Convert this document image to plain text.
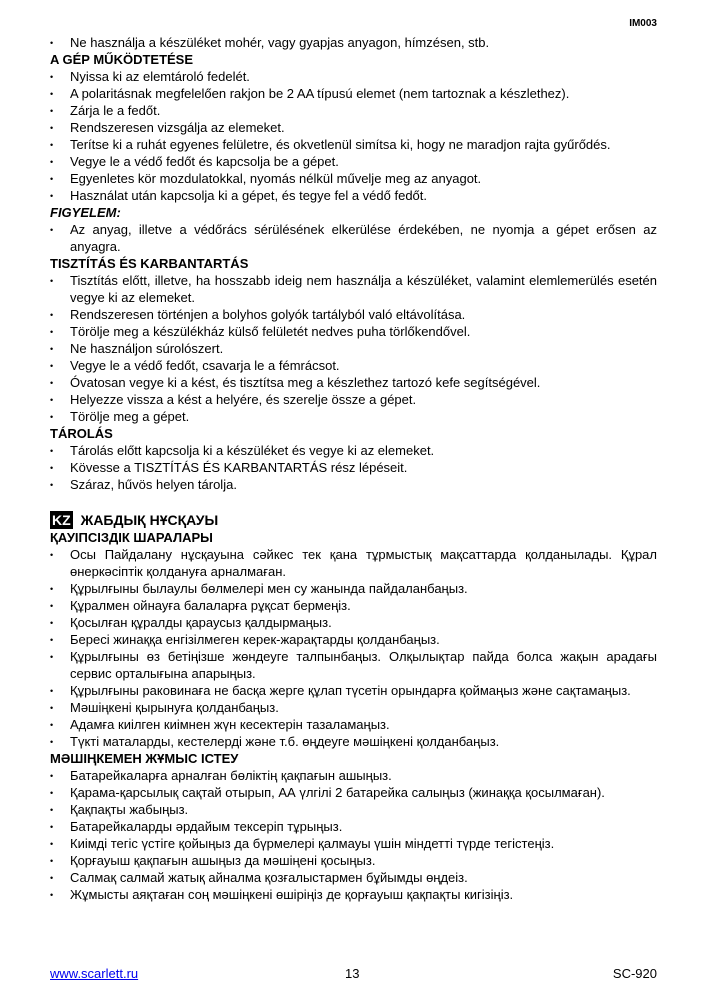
IM003
• Ne használja a készüléket mohér, vagy gyapjas anyagon, hímzésen, stb.
A GÉP MŰKÖDTETÉSE
• Nyissa ki az elemtároló fedelét.
• A polaritásnak megfelelően rakjon be 2 AA típusú elemet (nem tartoznak a készlethez).
• Zárja le a fedőt.
• Rendszeresen vizsgálja az elemeket.
• Terítse ki a ruhát egyenes felületre, és okvetlenül simítsa ki, hogy ne maradjon rajta gyűrődés.
• Vegye le a védő fedőt és kapcsolja be a gépet.
• Egyenletes kör mozdulatokkal, nyomás nélkül művelje meg az anyagot.
• Használat után kapcsolja ki a gépet, és tegye fel a védő fedőt.
FIGYELEM:
• Az anyag, illetve a védőrács sérülésének elkerülése érdekében, ne nyomja a gépet erősen az anyagra.
TISZTÍTÁS ÉS KARBANTARTÁS
• Tisztítás előtt, illetve, ha hosszabb ideig nem használja a készüléket, valamint elemlemerülés esetén vegye ki az elemeket.
• Rendszeresen történjen a bolyhos golyók tartályból való eltávolítása.
• Törölje meg a készülékház külső felületét nedves puha törlőkendővel.
• Ne használjon súrolószert.
• Vegye le a védő fedőt, csavarja le a fémrácsot.
• Óvatosan vegye ki a kést, és tisztítsa meg a készlethez tartozó kefe segítségével.
• Helyezze vissza a kést a helyére, és szerelje össze a gépet.
• Törölje meg a gépet.
TÁROLÁS
• Tárolás előtt kapcsolja ki a készüléket és vegye ki az elemeket.
• Kövesse a TISZTÍTÁS ÉS KARBANTARTÁS rész lépéseit.
• Száraz, hűvös helyen tárolja.
KZ ЖАБДЫҚ НҰСҚАУЫ
ҚАУІПСІЗДІК ШАРАЛАРЫ
• Осы Пайдалану нұсқауына сәйкес тек қана тұрмыстық мақсаттарда қолданылады. Құрал өнеркәсіптік қолдануға арналмаған.
• Құрылғыны былаулы бөлмелері мен су жанында пайдаланбаңыз.
• Құралмен ойнауға балаларға рұқсат бермеңіз.
• Қосылған құралды қараусыз қалдырмаңыз.
• Бересі жинаққа енгізілмеген керек-жарақтарды қолданбаңыз.
• Құрылғыны өз бетіңізше жөндеуге талпынбаңыз. Олқылықтар пайда болса жақын арадағы сервис орталығына апарыңыз.
• Құрылғыны раковинаға не басқа жерге құлап түсетін орындарға қоймаңыз және сақтамаңыз.
• Мәшіңкені қырынуға қолданбаңыз.
• Адамға киілген киімнен жүн кесектерін тазаламаңыз.
• Түкті маталарды, кестелерді және т.б. өңдеуге мәшіңкені қолданбаңыз.
МӘШІҢКЕМЕН ЖҰМЫС ІСТЕУ
• Батарейкаларға арналған бөліктің қақпағын ашыңыз.
• Қарама-қарсылық сақтай отырып, АА үлгілі 2 батарейка салыңыз (жинаққа қосылмаған).
• Қақпақты жабыңыз.
• Батарейкаларды әрдайым тексеріп тұрыңыз.
• Киімді тегіс үстіге қойыңыз да бүрмелері қалмауы үшін міндетті түрде тегістеңіз.
• Қорғауыш қақпағын ашыңыз да мәшіңені қосыңыз.
• Салмақ салмай жатық айналма қозғалыстармен бұйымды өңдеіз.
• Жұмысты аяқтаған соң мәшіңкені өшіріңіз де қорғауыш қақпақты кигізіңіз.
www.scarlett.ru	13	SC-920
